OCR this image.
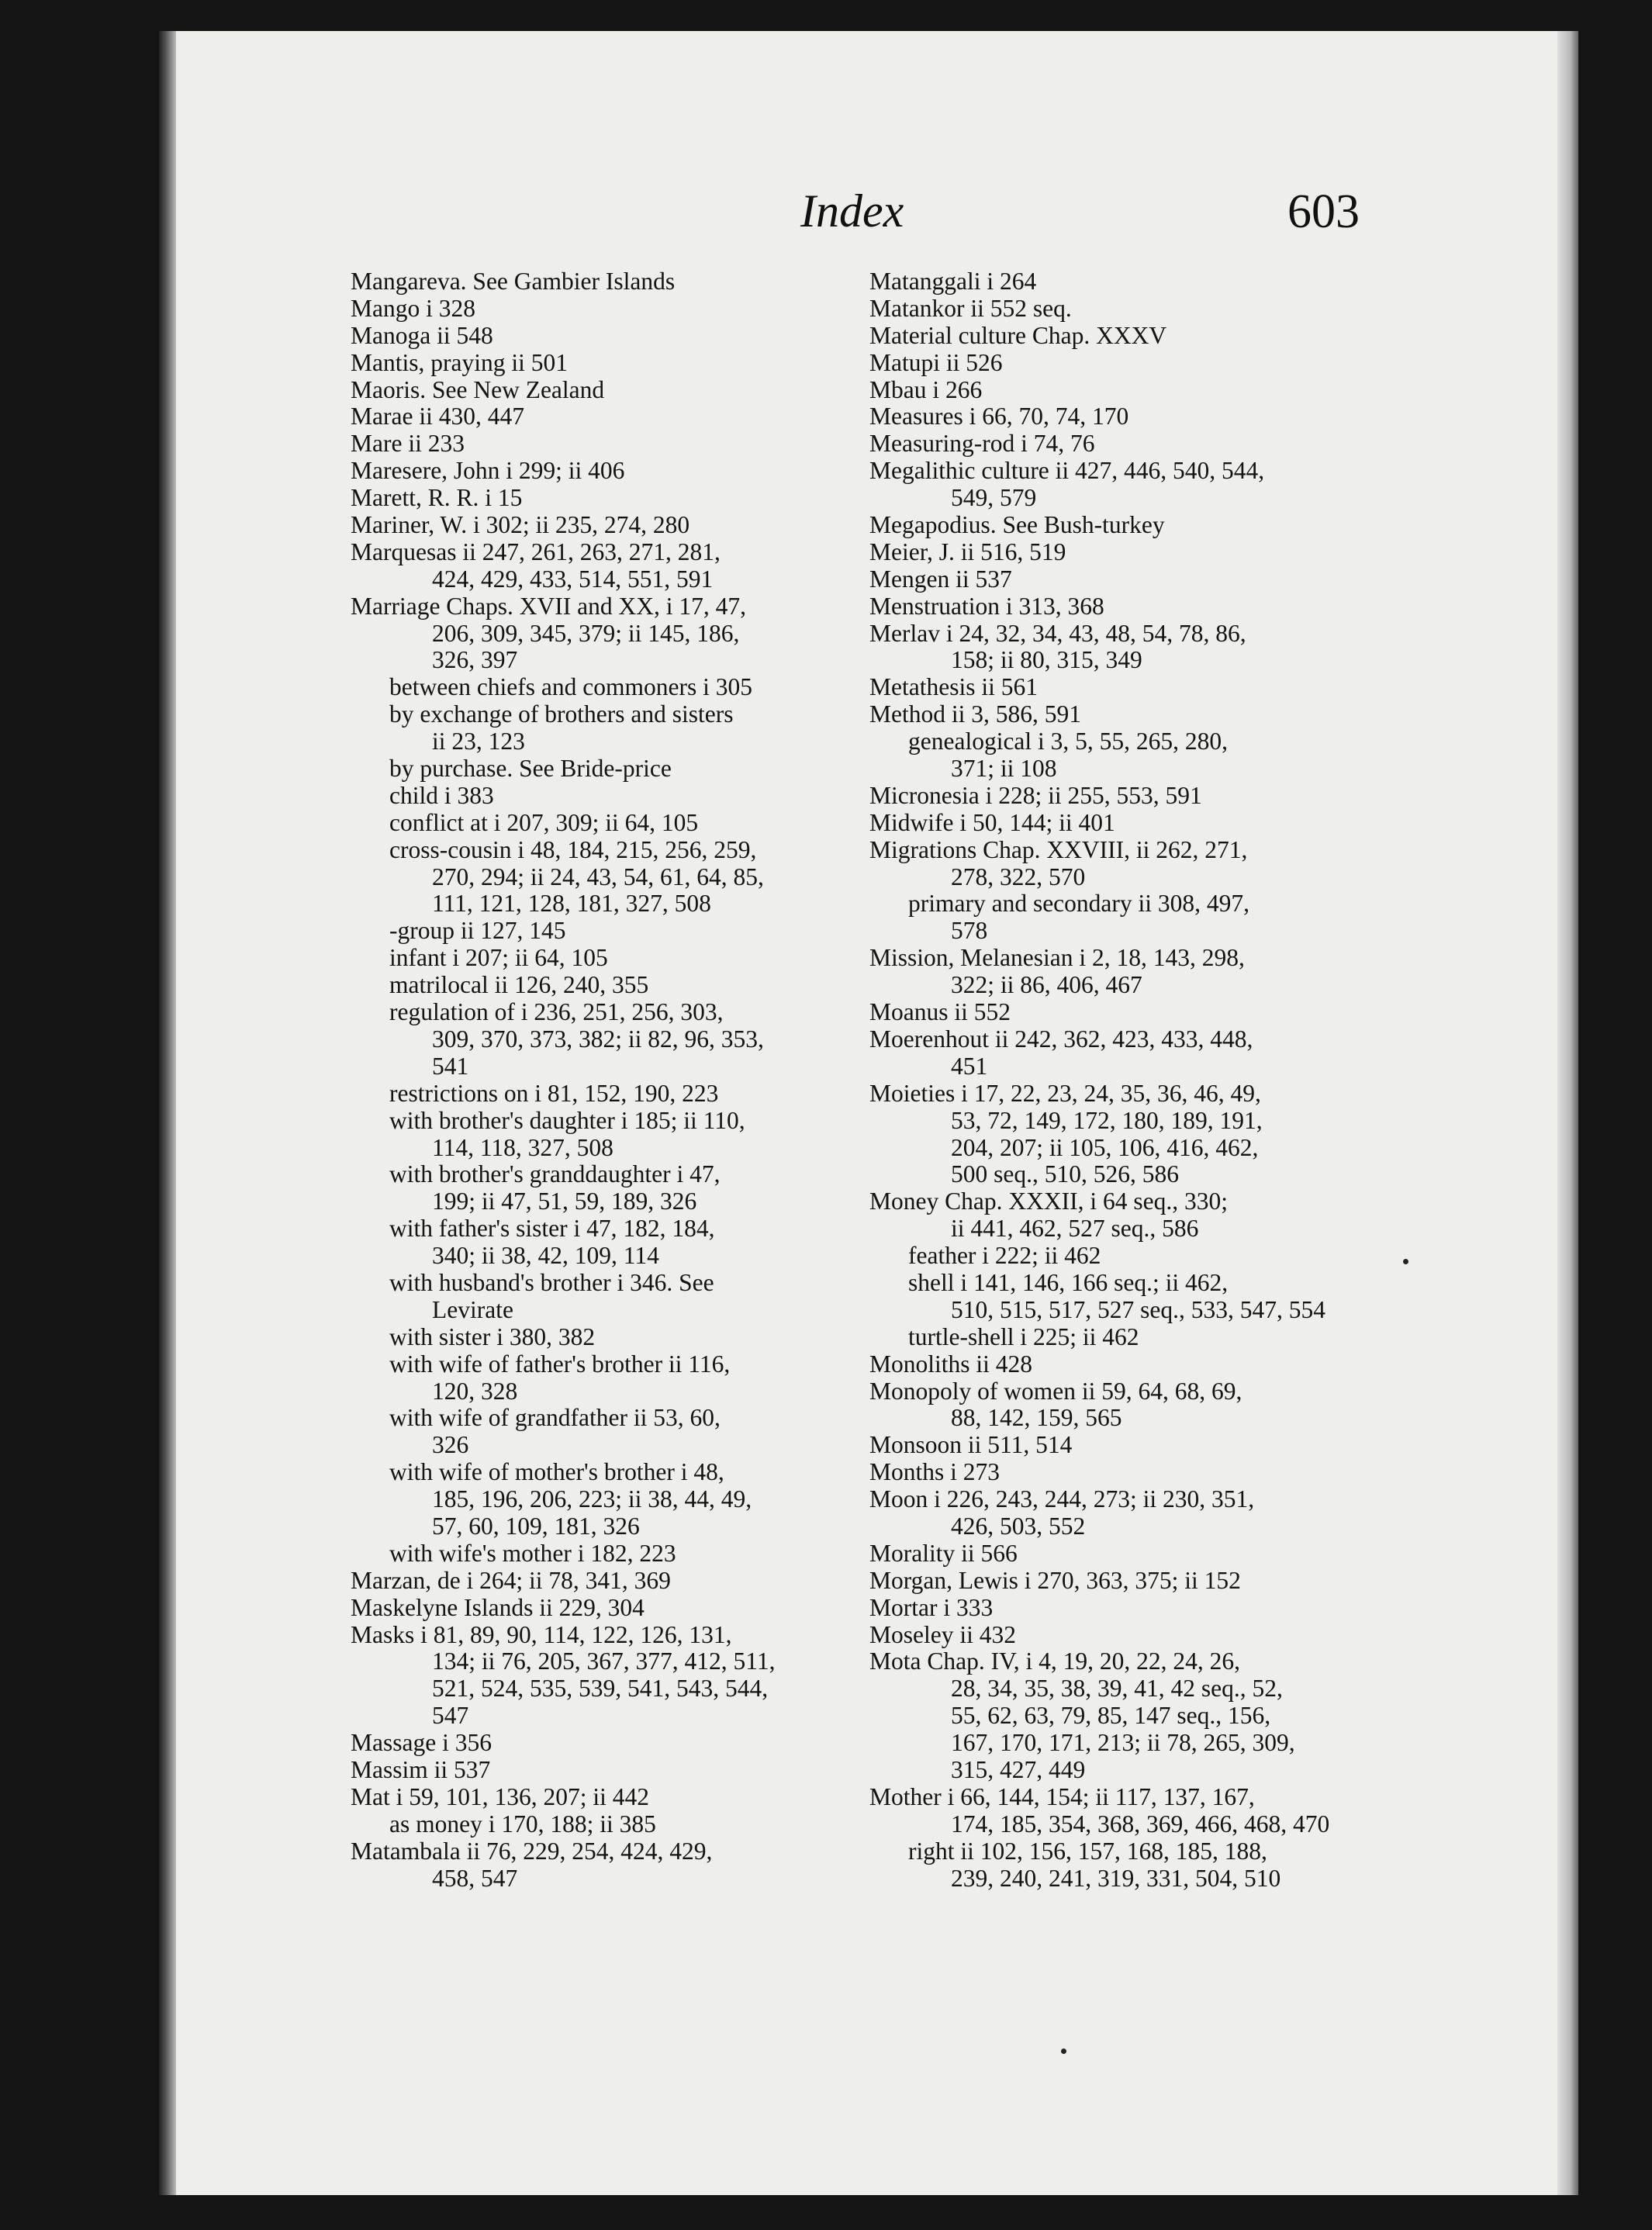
Index	603
Mangareva. See Gambier Islands
Mango i 328
Manoga ii 548
Mantis, praying ii 501
Maoris. See New Zealand
Marae ii 430, 447
Mare ii 233
Maresere, John i 299; ii 406
Marett, R. R. i 15
Mariner, W. i 302; ii 235, 274, 280
Marquesas ii 247, 261, 263, 271, 281,
424, 429, 433, 514, 551, 591
Marriage Chaps. XVII and XX, i 17, 47,
206, 309, 345, 379; ii 145, 186,
326, 397
between chiefs and commoners i 305
by exchange of brothers and sisters
ii 23, 123
by purchase. See Bride-price
child i 383
conflict at i 207, 309; ii 64, 105
cross-cousin i 48, 184, 215, 256, 259,
270, 294; ii 24, 43, 54, 61, 64, 85,
111, 121, 128, 181, 327, 508
-group ii 127, 145
infant i 207; ii 64, 105
matrilocal ii 126, 240, 355
regulation of i 236, 251, 256, 303,
309, 370, 373, 382; ii 82, 96, 353,
541
restrictions on i 81, 152, 190, 223
with brother's daughter i 185; ii 110,
114, 118, 327, 508
with brother's granddaughter i 47,
199; ii 47, 51, 59, 189, 326
with father's sister i 47, 182, 184,
340; ii 38, 42, 109, 114
with husband's brother i 346. See
Levirate
with sister i 380, 382
with wife of father's brother ii 116,
120, 328
with wife of grandfather ii 53, 60,
326
with wife of mother's brother i 48,
185, 196, 206, 223; ii 38, 44, 49,
57, 60, 109, 181, 326
with wife's mother i 182, 223
Marzan, de i 264; ii 78, 341, 369
Maskelyne Islands ii 229, 304
Masks i 81, 89, 90, 114, 122, 126, 131,
134; ii 76, 205, 367, 377, 412, 511,
521, 524, 535, 539, 541, 543, 544,
547
Massage i 356
Massim ii 537
Mat i 59, 101, 136, 207; ii 442
as money i 170, 188; ii 385
Matambala ii 76, 229, 254, 424, 429,
458, 547
Matanggali i 264
Matankor ii 552 seq.
Material culture Chap. XXXV
Matupi ii 526
Mbau i 266
Measures i 66, 70, 74, 170
Measuring-rod i 74, 76
Megalithic culture ii 427, 446, 540, 544,
549, 579
Megapodius. See Bush-turkey
Meier, J. ii 516, 519
Mengen ii 537
Menstruation i 313, 368
Merlav i 24, 32, 34, 43, 48, 54, 78, 86,
158; ii 80, 315, 349
Metathesis ii 561
Method ii 3, 586, 591
genealogical i 3, 5, 55, 265, 280,
371; ii 108
Micronesia i 228; ii 255, 553, 591
Midwife i 50, 144; ii 401
Migrations Chap. XXVIII, ii 262, 271,
278, 322, 570
primary and secondary ii 308, 497,
578
Mission, Melanesian i 2, 18, 143, 298,
322; ii 86, 406, 467
Moanus ii 552
Moerenhout ii 242, 362, 423, 433, 448,
451
Moieties i 17, 22, 23, 24, 35, 36, 46, 49,
53, 72, 149, 172, 180, 189, 191,
204, 207; ii 105, 106, 416, 462,
500 seq., 510, 526, 586
Money Chap. XXXII, i 64 seq., 330;
ii 441, 462, 527 seq., 586
feather i 222; ii 462
shell i 141, 146, 166 seq.; ii 462,
510, 515, 517, 527 seq., 533, 547, 554
turtle-shell i 225; ii 462
Monoliths ii 428
Monopoly of women ii 59, 64, 68, 69,
88, 142, 159, 565
Monsoon ii 511, 514
Months i 273
Moon i 226, 243, 244, 273; ii 230, 351,
426, 503, 552
Morality ii 566
Morgan, Lewis i 270, 363, 375; ii 152
Mortar i 333
Moseley ii 432
Mota Chap. IV, i 4, 19, 20, 22, 24, 26,
28, 34, 35, 38, 39, 41, 42 seq., 52,
55, 62, 63, 79, 85, 147 seq., 156,
167, 170, 171, 213; ii 78, 265, 309,
315, 427, 449
Mother i 66, 144, 154; ii 117, 137, 167,
174, 185, 354, 368, 369, 466, 468, 470
right ii 102, 156, 157, 168, 185, 188,
239, 240, 241, 319, 331, 504, 510
